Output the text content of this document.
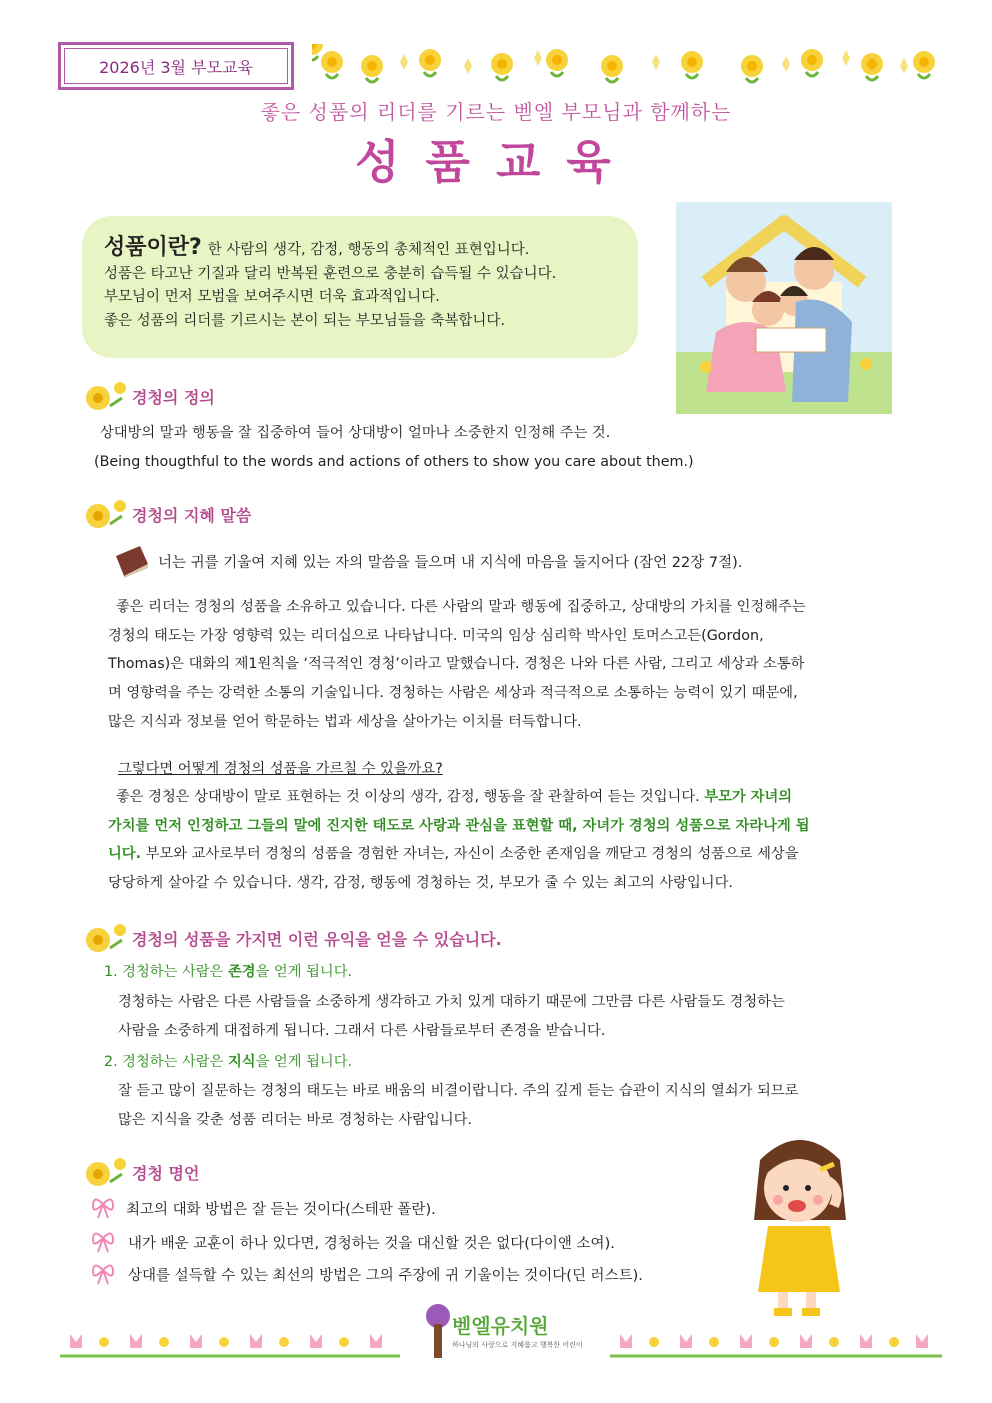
2026년 3월 부모교육
좋은 성품의 리더를 기르는 벧엘 부모님과 함께하는
성품교육
성품이란? 한 사람의 생각, 감정, 행동의 총체적인 표현입니다.
성품은 타고난 기질과 달리 반복된 훈련으로 충분히 습득될 수 있습니다.
부모님이 먼저 모범을 보여주시면 더욱 효과적입니다.
좋은 성품의 리더를 기르시는 본이 되는 부모님들을 축복합니다.
경청의 정의
상대방의 말과 행동을 잘 집중하여 들어 상대방이 얼마나 소중한지 인정해 주는 것.
(Being thougthful to the words and actions of others to show you care about them.)
경청의 지혜 말씀
너는 귀를 기울여 지혜 있는 자의 말씀을 들으며 내 지식에 마음을 둘지어다 (잠언 22장 7절).
좋은 리더는 경청의 성품을 소유하고 있습니다. 다른 사람의 말과 행동에 집중하고, 상대방의 가치를 인정해주는
경청의 태도는 가장 영향력 있는 리더십으로 나타납니다. 미국의 임상 심리학 박사인 토머스고든(Gordon,
Thomas)은 대화의 제1원칙을 ‘적극적인 경청’이라고 말했습니다. 경청은 나와 다른 사람, 그리고 세상과 소통하
며 영향력을 주는 강력한 소통의 기술입니다. 경청하는 사람은 세상과 적극적으로 소통하는 능력이 있기 때문에,
많은 지식과 정보를 얻어 학문하는 법과 세상을 살아가는 이치를 터득합니다.
그렇다면 어떻게 경청의 성품을 가르칠 수 있을까요?
좋은 경청은 상대방이 말로 표현하는 것 이상의 생각, 감정, 행동을 잘 관찰하여 듣는 것입니다. 부모가 자녀의
가치를 먼저 인정하고 그들의 말에 진지한 태도로 사랑과 관심을 표현할 때, 자녀가 경청의 성품으로 자라나게 됩
니다. 부모와 교사로부터 경청의 성품을 경험한 자녀는, 자신이 소중한 존재임을 깨닫고 경청의 성품으로 세상을
당당하게 살아갈 수 있습니다. 생각, 감정, 행동에 경청하는 것, 부모가 줄 수 있는 최고의 사랑입니다.
경청의 성품을 가지면 이런 유익을 얻을 수 있습니다.
1. 경청하는 사람은 존경을 얻게 됩니다.
경청하는 사람은 다른 사람들을 소중하게 생각하고 가치 있게 대하기 때문에 그만큼 다른 사람들도 경청하는
사람을 소중하게 대접하게 됩니다. 그래서 다른 사람들로부터 존경을 받습니다.
2. 경청하는 사람은 지식을 얻게 됩니다.
잘 듣고 많이 질문하는 경청의 태도는 바로 배움의 비결이랍니다. 주의 깊게 듣는 습관이 지식의 열쇠가 되므로
많은 지식을 갖춘 성품 리더는 바로 경청하는 사람입니다.
경청 명언
최고의 대화 방법은 잘 듣는 것이다(스테판 폴란).
내가 배운 교훈이 하나 있다면, 경청하는 것을 대신할 것은 없다(다이앤 소여).
상대를 설득할 수 있는 최선의 방법은 그의 주장에 귀 기울이는 것이다(딘 러스트).
벧엘유치원
하나님의 사랑으로 지혜롭고 행복한 어린이
